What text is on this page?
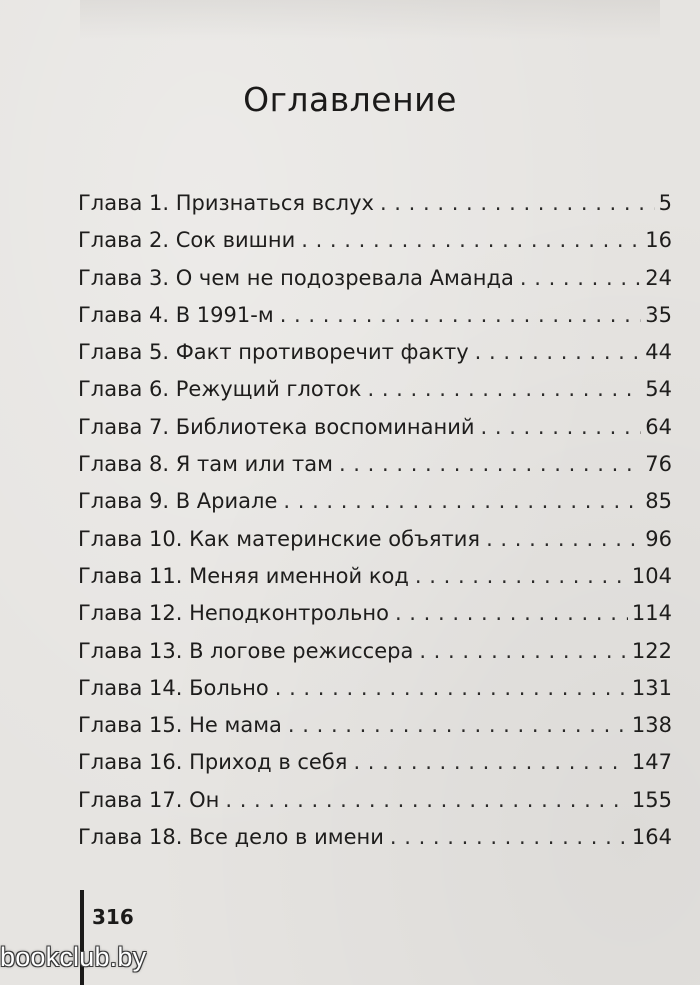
Оглавление
Глава 1. Признаться вслух . . .	5
Глава 2. Сок вишни . . .	16
Глава 3. О чем не подозревала Аманда . . .	24
Глава 4. В 1991-м . . .	35
Глава 5. Факт противоречит факту . . .	44
Глава 6. Режущий глоток . . .	54
Глава 7. Библиотека воспоминаний . . .	64
Глава 8. Я там или там . . .	76
Глава 9. В Ариале . . .	85
Глава 10. Как материнские объятия . . .	96
Глава 11. Меняя именной код . . .	104
Глава 12. Неподконтрольно . . .	114
Глава 13. В логове режиссера . . .	122
Глава 14. Больно . . .	131
Глава 15. Не мама . . .	138
Глава 16. Приход в себя . . .	147
Глава 17. Он . . .	155
Глава 18. Все дело в имени . . .	164
316
bookclub.by
